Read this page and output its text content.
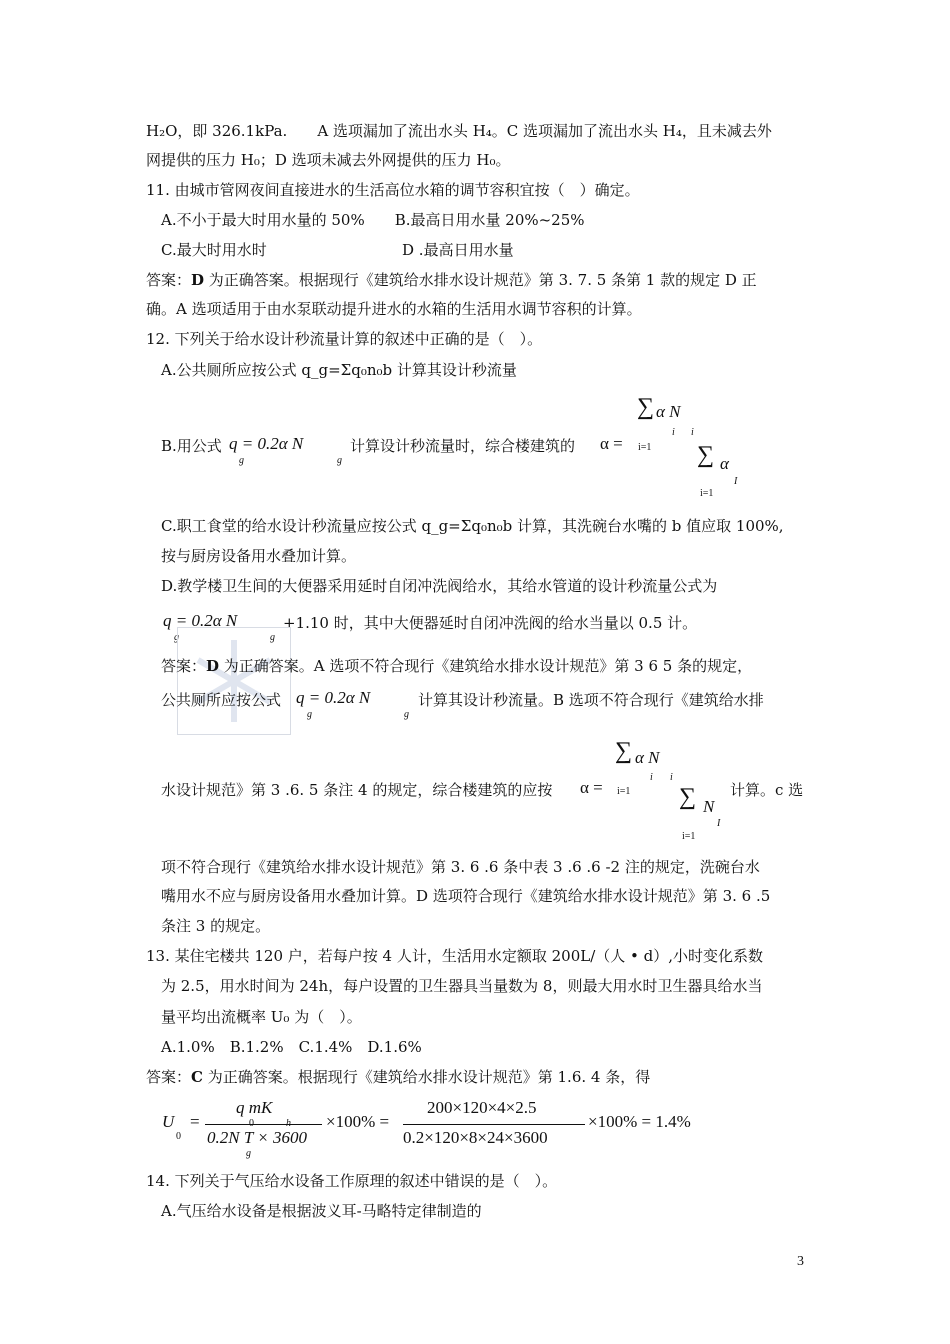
H₂O，即 326.1kPa.　　A 选项漏加了流出水头 H₄。C 选项漏加了流出水头 H₄，且未减去外
网提供的压力 H₀；D 选项未减去外网提供的压力 H₀。
11. 由城市管网夜间直接进水的生活高位水箱的调节容积宜按（　）确定。
A.不小于最大时用水量的 50%　　B.最高日用水量 20%~25%
C.最大时用水时	D .最高日用水量
答案：D 为正确答案。根据现行《建筑给水排水设计规范》第 3. 7. 5 条第 1 款的规定 D 正
确。A 选项适用于由水泵联动提升进水的水箱的生活用水调节容积的计算。
12. 下列关于给水设计秒流量计算的叙述中正确的是（　）。
A.公共厕所应按公式 q_g=Σq₀n₀b 计算其设计秒流量
B.用公式 q = 0.2α N
g	g
计算设计秒流量时，综合楼建筑的 α =
∑ α N
i i
i=1 ∑ α
I
i=1
C.职工食堂的给水设计秒流量应按公式 q_g=Σq₀n₀b 计算，其洗碗台水嘴的 b 值应取 100%,
按与厨房设备用水叠加计算。
D.教学楼卫生间的大便器采用延时自闭冲洗阀给水，其给水管道的设计秒流量公式为
q = 0.2α N
g	g
+1.10 时，其中大便器延时自闭冲洗阀的给水当量以 0.5 计。
答案：D 为正确答案。A 选项不符合现行《建筑给水排水设计规范》第 3 6 5 条的规定，
公共厕所应按公式 q = 0.2α N
g	g
计算其设计秒流量。B 选项不符合现行《建筑给水排
水设计规范》第 3 .6. 5 条注 4 的规定，综合楼建筑的应按 α =
∑ α N
i i
i=1 ∑ N
I
i=1
计算。c 选
项不符合现行《建筑给水排水设计规范》第 3. 6 .6 条中表 3 .6 .6 -2 注的规定，洗碗台水
嘴用水不应与厨房设备用水叠加计算。D 选项符合现行《建筑给水排水设计规范》第 3. 6 .5
条注 3 的规定。
13. 某住宅楼共 120 户，若每户按 4 人计，生活用水定额取 200L/（人 • d）,小时变化系数
为 2.5，用水时间为 24h，每户设置的卫生器具当量数为 8，则最大用水时卫生器具给水当
量平均出流概率 U₀ 为（　）。
A.1.0%　B.1.2%　C.1.4%　D.1.6%
答案：C 为正确答案。根据现行《建筑给水排水设计规范》第 1.6. 4 条，得
U
0
=
q mK
0.2N T × 3600
g
×100% =
200×120×4×2.5
0.2×120×8×24×3600
×100% = 1.4%
14. 下列关于气压给水设备工作原理的叙述中错误的是（　）。
A.气压给水设备是根据波义耳-马略特定律制造的
3
